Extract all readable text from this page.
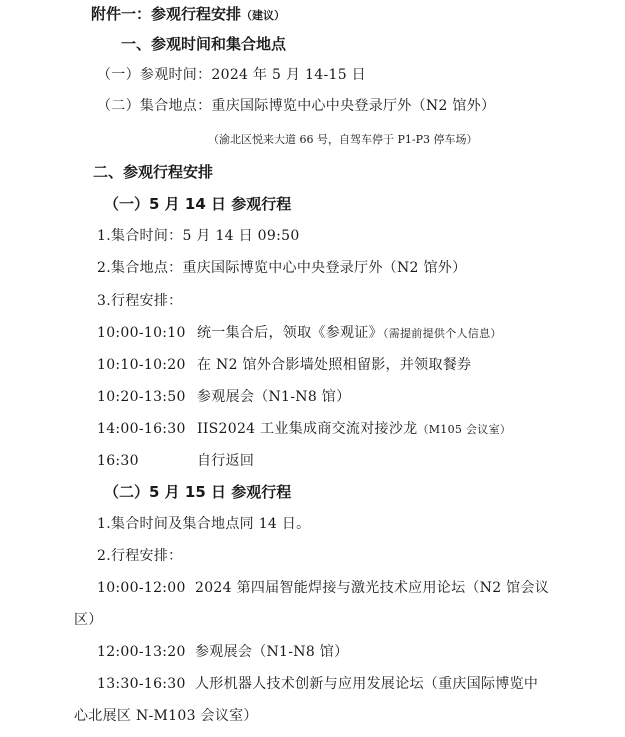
附件一：参观行程安排（建议）
一、参观时间和集合地点
（一）参观时间：2024 年 5 月 14-15 日
（二）集合地点：重庆国际博览中心中央登录厅外（N2 馆外）
（渝北区悦来大道 66 号，自驾车停于 P1-P3 停车场）
二、参观行程安排
（一）5 月 14 日 参观行程
1.集合时间：5 月 14 日 09:50
2.集合地点：重庆国际博览中心中央登录厅外（N2 馆外）
3.行程安排：
10:00-10:10 统一集合后，领取《参观证》（需提前提供个人信息）
10:10-10:20 在 N2 馆外合影墙处照相留影，并领取餐券
10:20-13:50 参观展会（N1-N8 馆）
14:00-16:30 IIS2024 工业集成商交流对接沙龙（M105 会议室）
16:30	自行返回
（二）5 月 15 日 参观行程
1.集合时间及集合地点同 14 日。
2.行程安排：
10:00-12:00 2024 第四届智能焊接与激光技术应用论坛（N2 馆会议
区）
12:00-13:20 参观展会（N1-N8 馆）
13:30-16:30 人形机器人技术创新与应用发展论坛（重庆国际博览中
心北展区 N-M103 会议室）
